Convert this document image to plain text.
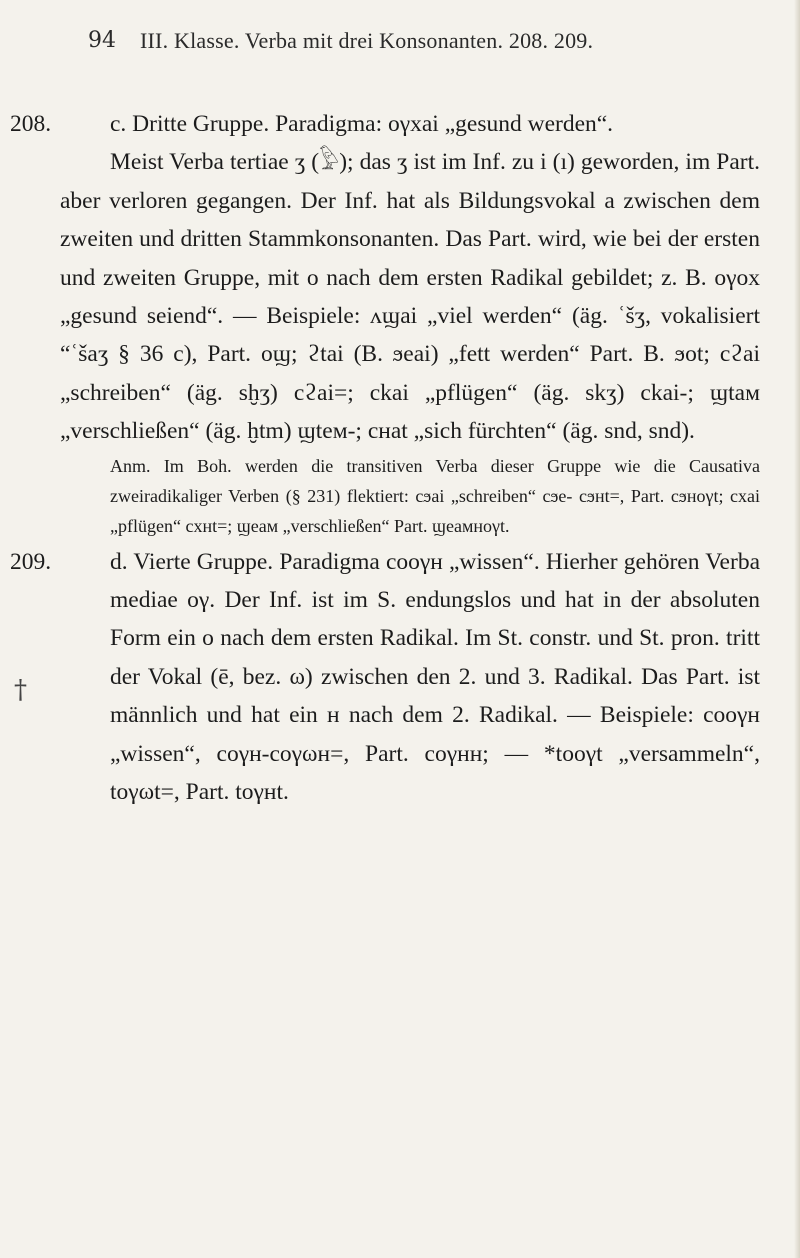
94 III. Klasse. Verba mit drei Konsonanten. 208. 209.
†

208.	c. Dritte Gruppe. Paradigma: oγxai „gesund werden“.

Meist Verba tertiae ʒ (𓅱); das ʒ ist im Inf. zu i (ı) geworden, im Part. aber verloren gegangen. Der Inf. hat als Bildungsvokal a zwischen dem zweiten und dritten Stammkonsonanten. Das Part. wird, wie bei der ersten und zweiten Gruppe, mit o nach dem ersten Radikal gebildet; z. B. oγox „gesund seiend“. — Beispiele: ʌϣai „viel werden“ (äg. ʿšʒ, vokalisiert “ʿšaʒ § 36 c), Part. oϣ; ϩtai (B. ϧeai) „fett werden“ Part. B. ϧot; cϩai „schreiben“ (äg. sḫʒ) cϩai=; ckai „pflügen“ (äg. skʒ) ckai-; ϣtaм „verschließen“ (äg. ḫtm) ϣteм-; cнat „sich fürchten“ (äg. snd, snd).

Anm. Im Boh. werden die transitiven Verba dieser Gruppe wie die Causativa zweiradikaliger Verben (§ 231) flektiert: cϧai „schreiben“ cϧe- cϧнt=, Part. cϧнoγt; cxai „pflügen“ cxнt=; ϣeaм „verschließen“ Part. ϣeaмнoγt.

209.	d. Vierte Gruppe. Paradigma cooγн „wissen“. Hierher gehören Verba mediae oγ. Der Inf. ist im S. endungslos und hat in der absoluten Form ein o nach dem ersten Radikal. Im St. constr. und St. pron. tritt der Vokal (ē, bez. ω) zwischen den 2. und 3. Radikal. Das Part. ist männlich und hat ein н nach dem 2. Radikal. — Beispiele: cooγн „wissen“, coγн-coγωн=, Part. coγнн; — *tooγt „versammeln“, toγωt=, Part. toγнt.
